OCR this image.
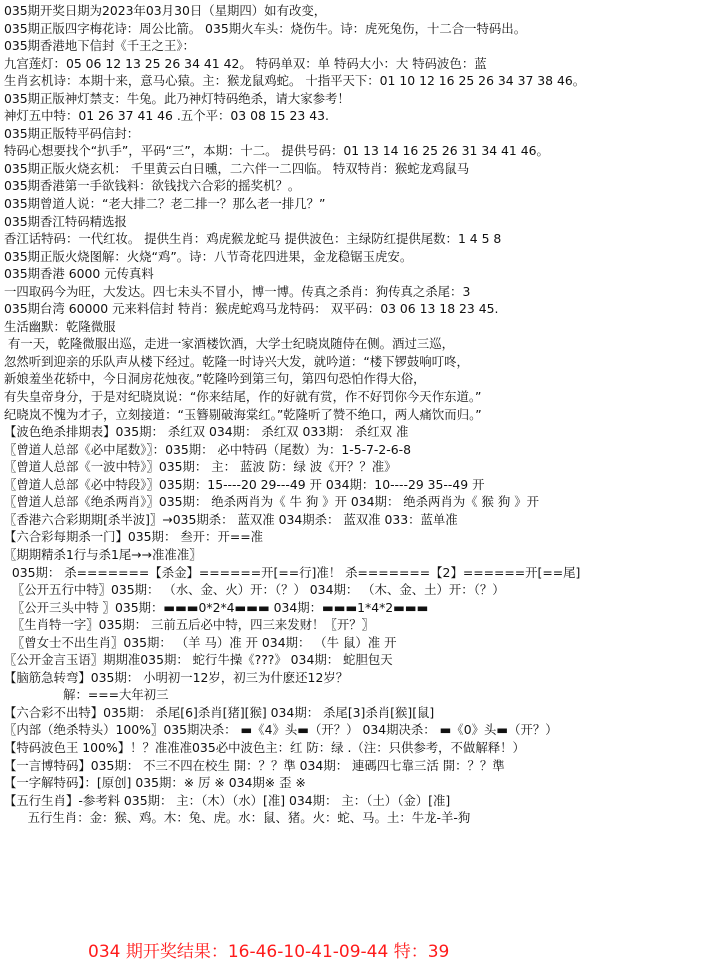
035期开奖日期为2023年03月30日（星期四）如有改变，
035期正版四字梅花诗：周公比箭。 035期火车头：烧伤牛。诗：虎死兔伤，十二合一特码出。
035期香港地下信封《千王之王》：
九宫莲灯：05 06 12 13 25 26 34 41 42。 特码单双：单 特码大小：大 特码波色：蓝
生肖玄机诗：本期十来，意马心猿。主：猴龙鼠鸡蛇。 十指平天下：01 10 12 16 25 26 34 37 38 46。
035期正版神灯禁支：牛兔。此乃神灯特码绝杀，请大家参考！
神灯五中特：01 26 37 41 46 .五个平：03 08 15 23 43.
035期正版特平码信封：
特码心想要找个“扒手”，平码“三”，本期：十二。 提供号码：01 13 14 16 25 26 31 34 41 46。
035期正版火烧玄机： 千里黄云白日曛，二六伴一二四临。 特双特肖：猴蛇龙鸡鼠马
035期香港第一手欲钱料：欲钱找六合彩的摇奖机？。
035期曾道人说：“老大排二？老二排一？那么老一排几？”
035期香江特码精选报
香江话特码：一代红妆。 提供生肖：鸡虎猴龙蛇马 提供波色：主绿防红提供尾数：1 4 5 8
035期正版火烧图解：火烧“鸡”。诗：八节奇花四进果，金龙稳锯玉虎安。
035期香港 6000 元传真料
一四取码今为旺，大发达。四七未头不冒小，博一博。传真之杀肖：狗传真之杀尾：3
035期台湾 60000 元来料信封 特肖：猴虎蛇鸡马龙特码： 双平码：03 06 13 18 23 45.
生活幽默：乾隆微服
有一天，乾隆微服出巡，走进一家酒楼饮酒，大学士纪晓岚随侍在侧。酒过三巡，
忽然听到迎亲的乐队声从楼下经过。乾隆一时诗兴大发，就吟道：“楼下锣鼓响叮咚，
新娘羞坐花轿中，今日洞房花烛夜。”乾隆吟到第三句，第四句恐怕作得大俗，
有失皇帝身分，于是对纪晓岚说：“你来结尾，作的好就有赏，作不好罚你今天作东道。”
纪晓岚不愧为才子，立刻接道：“玉簪剔破海棠红。”乾隆听了赞不绝口，两人痛饮而归。”
【波色绝杀排期表】035期： 杀红双 034期： 杀红双 033期： 杀红双 准
〖曾道人总部《必中尾数》〗：035期： 必中特码（尾数）为：1-5-7-2-6-8
〖曾道人总部《一波中特》〗035期： 主： 蓝波 防：绿 波《开？？准》
〖曾道人总部《必中特段》〗035期：15----20 29---49 开 034期：10----29 35--49 开
〖曾道人总部《绝杀两肖》〗035期： 绝杀两肖为《 牛 狗 》开 034期： 绝杀两肖为《 猴 狗 》开
〖香港六合彩期期[杀半波]〗→035期杀： 蓝双准 034期杀： 蓝双准 033：蓝单准
【六合彩每期杀一门】035期： 叁开：开==准
〖期期精杀1行与杀1尾→→准准准〗
035期： 杀=======【杀金】======开[==行]准！ 杀=======【2】======开[==尾]
〖公开五行中特〗035期： （水、金、火）开：（？） 034期： （木、金、土）开：（？）
〖公开三头中特 〗035期：▬▬▬0*2*4▬▬▬ 034期：▬▬▬1*4*2▬▬▬
〖生肖特一字〗035期： 三前五后必中特，四三来发财！〖开？〗
〖曾女士不出生肖〗035期： （羊 马）准 开 034期： （牛 鼠）准 开
〖公开金言玉语〗期期准035期： 蛇行牛操《???》 034期： 蛇胆包天
【脑筋急转弯】035期： 小明初一12岁，初三为什麽还12岁？
解：===大年初三
【六合彩不出特】035期： 杀尾[6]杀肖[猪][猴] 034期： 杀尾[3]杀肖[猴][鼠]
〖内部（绝杀特头）100%〗035期决杀： ▬《4》头▬（开？） 034期决杀： ▬《0》头▬（开？）
【特码波色王 100%】！？准准准035必中波色主：红 防：绿 .（注：只供参考，不做解释！）
【一言博特码】035期： 不三不四在校生 開：？？準 034期： 連碼四七靠三活 開：？？準
【一字解特码】：[原创] 035期：※ 厉 ※ 034期※ 歪 ※
【五行生肖】-参考料 035期： 主：（木）（水）[准] 034期： 主：（土）（金）[准]
五行生肖：金：猴、鸡。木：兔、虎。水：鼠、猪。火：蛇、马。土：牛龙-羊-狗
034 期开奖结果：16-46-10-41-09-44 特：39
